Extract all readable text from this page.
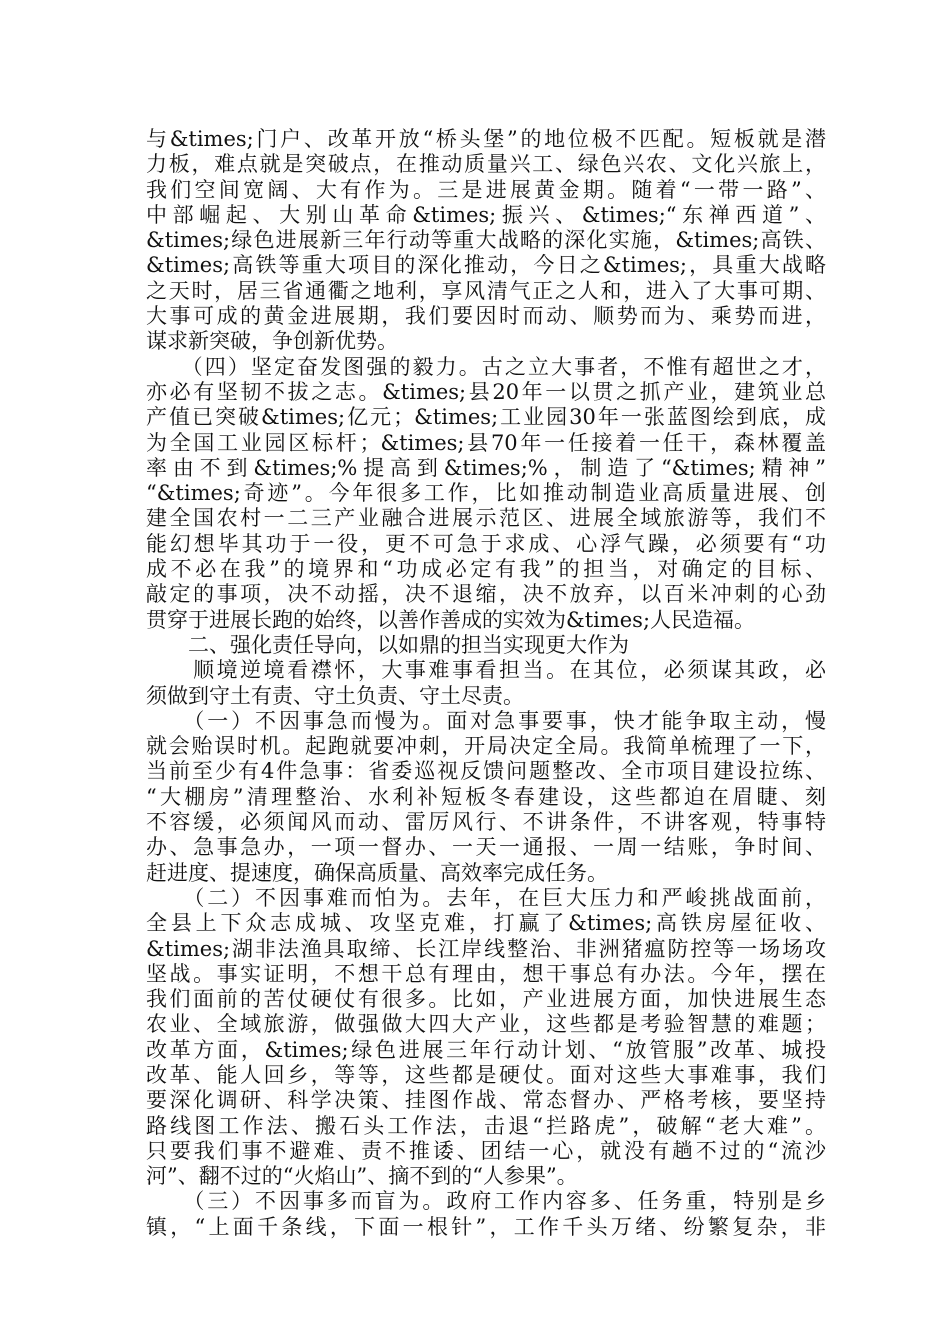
与&times;门户、改革开放“桥头堡”的地位极不匹配。短板就是潜
力板，难点就是突破点，在推动质量兴工、绿色兴农、文化兴旅上，
我们空间宽阔、大有作为。三是进展黄金期。随着“一带一路”、
中部崛起、大别山革命&times;振兴、&times;“东禅西道”、
&times;绿色进展新三年行动等重大战略的深化实施，&times;高铁、
&times;高铁等重大项目的深化推动，今日之&times;，具重大战略
之天时，居三省通衢之地利，享风清气正之人和，进入了大事可期、
大事可成的黄金进展期，我们要因时而动、顺势而为、乘势而进，
谋求新突破，争创新优势。
　　（四）坚定奋发图强的毅力。古之立大事者，不惟有超世之才，
亦必有坚韧不拔之志。&times;县20年一以贯之抓产业，建筑业总
产值已突破&times;亿元；&times;工业园30年一张蓝图绘到底，成
为全国工业园区标杆；&times;县70年一任接着一任干，森林覆盖
率由不到&times;%提高到&times;%，制造了“&times;精神”
“&times;奇迹”。今年很多工作，比如推动制造业高质量进展、创
建全国农村一二三产业融合进展示范区、进展全域旅游等，我们不
能幻想毕其功于一役，更不可急于求成、心浮气躁，必须要有“功
成不必在我”的境界和“功成必定有我”的担当，对确定的目标、
敲定的事项，决不动摇，决不退缩，决不放弃，以百米冲刺的心劲
贯穿于进展长跑的始终，以善作善成的实效为&times;人民造福。
　　二、强化责任导向，以如鼎的担当实现更大作为
　　顺境逆境看襟怀，大事难事看担当。在其位，必须谋其政，必
须做到守土有责、守土负责、守土尽责。
　　（一）不因事急而慢为。面对急事要事，快才能争取主动，慢
就会贻误时机。起跑就要冲刺，开局决定全局。我简单梳理了一下，
当前至少有4件急事：省委巡视反馈问题整改、全市项目建设拉练、
“大棚房”清理整治、水利补短板冬春建设，这些都迫在眉睫、刻
不容缓，必须闻风而动、雷厉风行、不讲条件，不讲客观，特事特
办、急事急办，一项一督办、一天一通报、一周一结账，争时间、
赶进度、提速度，确保高质量、高效率完成任务。
　　（二）不因事难而怕为。去年，在巨大压力和严峻挑战面前，
全县上下众志成城、攻坚克难，打赢了&times;高铁房屋征收、
&times;湖非法渔具取缔、长江岸线整治、非洲猪瘟防控等一场场攻
坚战。事实证明，不想干总有理由，想干事总有办法。今年，摆在
我们面前的苦仗硬仗有很多。比如，产业进展方面，加快进展生态
农业、全域旅游，做强做大四大产业，这些都是考验智慧的难题；
改革方面，&times;绿色进展三年行动计划、“放管服”改革、城投
改革、能人回乡，等等，这些都是硬仗。面对这些大事难事，我们
要深化调研、科学决策、挂图作战、常态督办、严格考核，要坚持
路线图工作法、搬石头工作法，击退“拦路虎”，破解“老大难”。
只要我们事不避难、责不推诿、团结一心，就没有趟不过的“流沙
河”、翻不过的“火焰山”、摘不到的“人参果”。
　　（三）不因事多而盲为。政府工作内容多、任务重，特别是乡
镇，“上面千条线，下面一根针”，工作千头万绪、纷繁复杂，非
